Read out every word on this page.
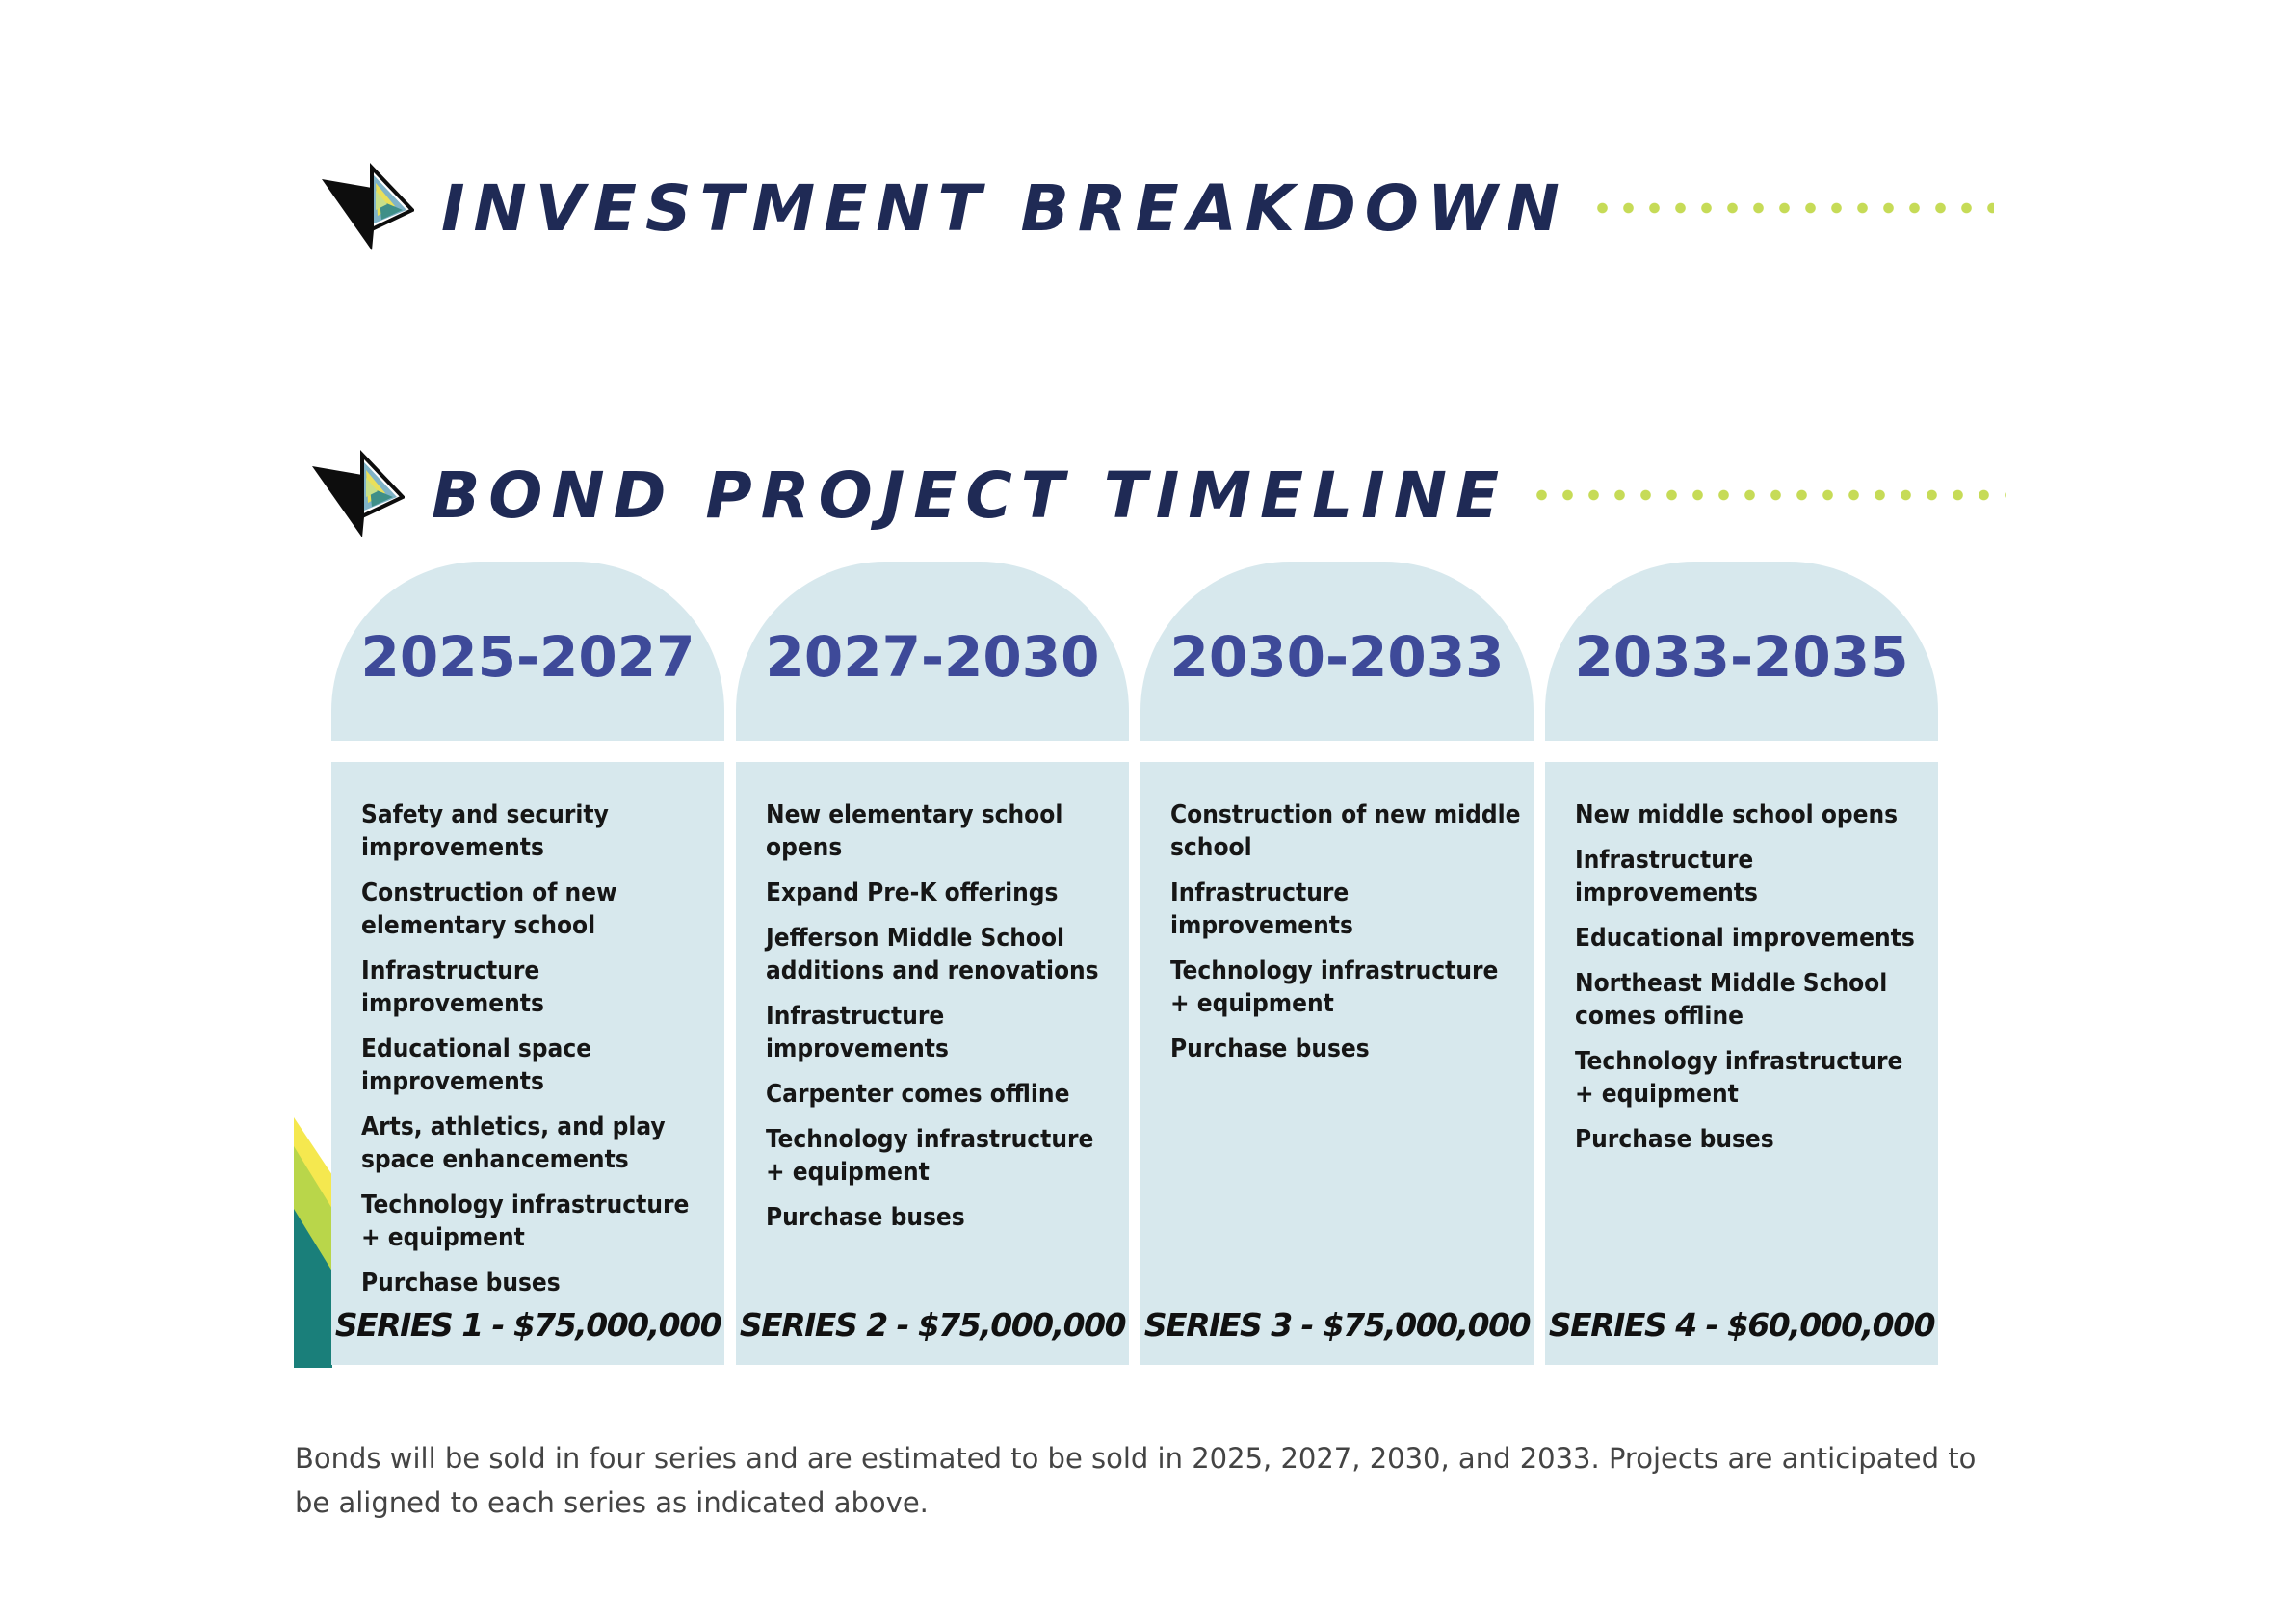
INVESTMENT BREAKDOWN
BOND PROJECT TIMELINE
2025-2027
Safety and security improvements
Construction of new elementary school
Infrastructure improvements
Educational space improvements
Arts, athletics, and play space enhancements
Technology infrastructure + equipment
Purchase buses
SERIES 1 - $75,000,000
2027-2030
New elementary school opens
Expand Pre-K offerings
Jefferson Middle School additions and renovations
Infrastructure improvements
Carpenter comes offline
Technology infrastructure + equipment
Purchase buses
SERIES 2 - $75,000,000
2030-2033
Construction of new middle school
Infrastructure improvements
Technology infrastructure + equipment
Purchase buses
SERIES 3 - $75,000,000
2033-2035
New middle school opens
Infrastructure improvements
Educational improvements
Northeast Middle School comes offline
Technology infrastructure + equipment
Purchase buses
SERIES 4 - $60,000,000

Bonds will be sold in four series and are estimated to be sold in 2025, 2027, 2030, and 2033. Projects are anticipated to be aligned to each series as indicated above.
